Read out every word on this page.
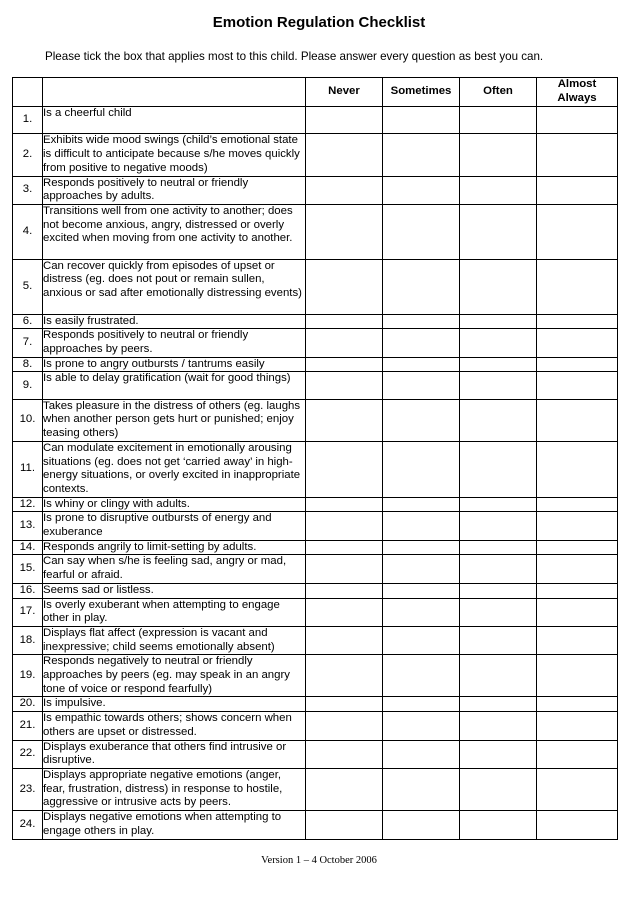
Emotion Regulation Checklist
Please tick the box that applies most to this child. Please answer every question as best you can.
		Never	Sometimes	Often	Almost Always
1.	Is a cheerful child				
2.	Exhibits wide mood swings (child’s emotional state is difficult to anticipate because s/he moves quickly from positive to negative moods)				
3.	Responds positively to neutral or friendly approaches by adults.				
4.	Transitions well from one activity to another; does not become anxious, angry, distressed or overly excited when moving from one activity to another.				
5.	Can recover quickly from episodes of upset or distress (eg. does not pout or remain sullen, anxious or sad after emotionally distressing events)				
6.	Is easily frustrated.				
7.	Responds positively to neutral or friendly approaches by peers.				
8.	Is prone to angry outbursts / tantrums easily				
9.	Is able to delay gratification (wait for good things)				
10.	Takes pleasure in the distress of others (eg. laughs when another person gets hurt or punished; enjoy teasing others)				
11.	Can modulate excitement in emotionally arousing situations (eg. does not get ‘carried away’ in high-energy situations, or overly excited in inappropriate contexts.				
12.	Is whiny or clingy with adults.				
13.	Is prone to disruptive outbursts of energy and exuberance				
14.	Responds angrily to limit-setting by adults.				
15.	Can say when s/he is feeling sad, angry or mad, fearful or afraid.				
16.	Seems sad or listless.				
17.	Is overly exuberant when attempting to engage other in play.				
18.	Displays flat affect (expression is vacant and inexpressive; child seems emotionally absent)				
19.	Responds negatively to neutral or friendly approaches by peers (eg. may speak in an angry tone of voice or respond fearfully)				
20.	Is impulsive.				
21.	Is empathic towards others; shows concern when others are upset or distressed.				
22.	Displays exuberance that others find intrusive or disruptive.				
23.	Displays appropriate negative emotions (anger, fear, frustration, distress) in response to hostile, aggressive or intrusive acts by peers.				
24.	Displays negative emotions when attempting to engage others in play.				
Version 1 – 4 October 2006
